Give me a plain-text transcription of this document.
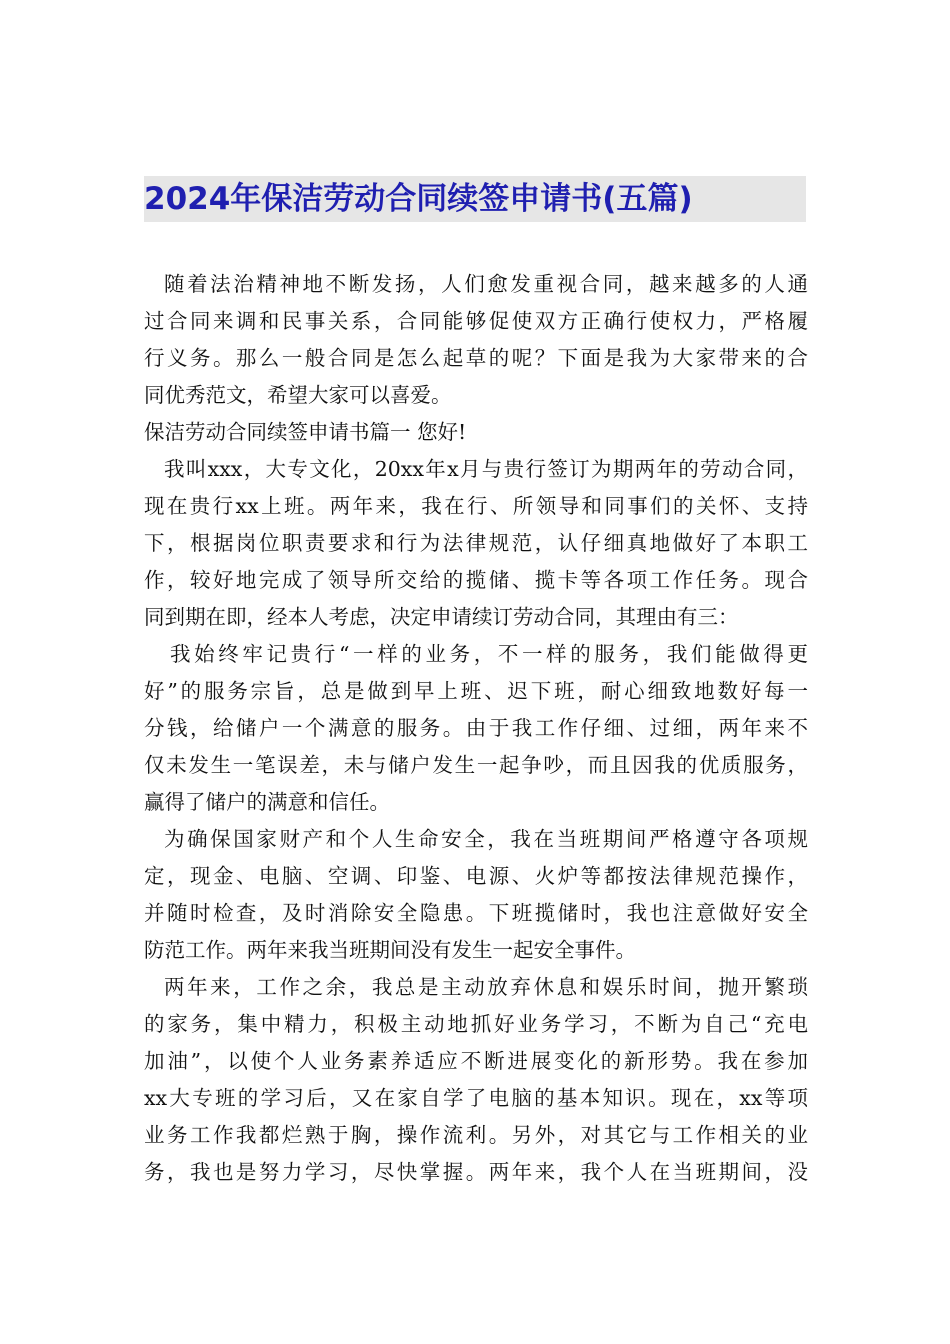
2024年保洁劳动合同续签申请书(五篇)
随着法治精神地不断发扬，人们愈发重视合同，越来越多的人通
过合同来调和民事关系，合同能够促使双方正确行使权力，严格履
行义务。那么一般合同是怎么起草的呢？下面是我为大家带来的合
同优秀范文，希望大家可以喜爱。
保洁劳动合同续签申请书篇一 您好!
我叫xxx，大专文化，20xx年x月与贵行签订为期两年的劳动合同，
现在贵行xx上班。两年来，我在行、所领导和同事们的关怀、支持
下，根据岗位职责要求和行为法律规范，认仔细真地做好了本职工
作，较好地完成了领导所交给的揽储、揽卡等各项工作任务。现合
同到期在即，经本人考虑，决定申请续订劳动合同，其理由有三：
我始终牢记贵行“一样的业务，不一样的服务，我们能做得更
好”的服务宗旨，总是做到早上班、迟下班，耐心细致地数好每一
分钱，给储户一个满意的服务。由于我工作仔细、过细，两年来不
仅未发生一笔误差，未与储户发生一起争吵，而且因我的优质服务，
赢得了储户的满意和信任。
为确保国家财产和个人生命安全，我在当班期间严格遵守各项规
定，现金、电脑、空调、印鉴、电源、火炉等都按法律规范操作，
并随时检查，及时消除安全隐患。下班揽储时，我也注意做好安全
防范工作。两年来我当班期间没有发生一起安全事件。
两年来，工作之余，我总是主动放弃休息和娱乐时间，抛开繁琐
的家务，集中精力，积极主动地抓好业务学习，不断为自己“充电
加油”，以使个人业务素养适应不断进展变化的新形势。我在参加
xx大专班的学习后，又在家自学了电脑的基本知识。现在，xx等项
业务工作我都烂熟于胸，操作流利。另外，对其它与工作相关的业
务，我也是努力学习，尽快掌握。两年来，我个人在当班期间，没
